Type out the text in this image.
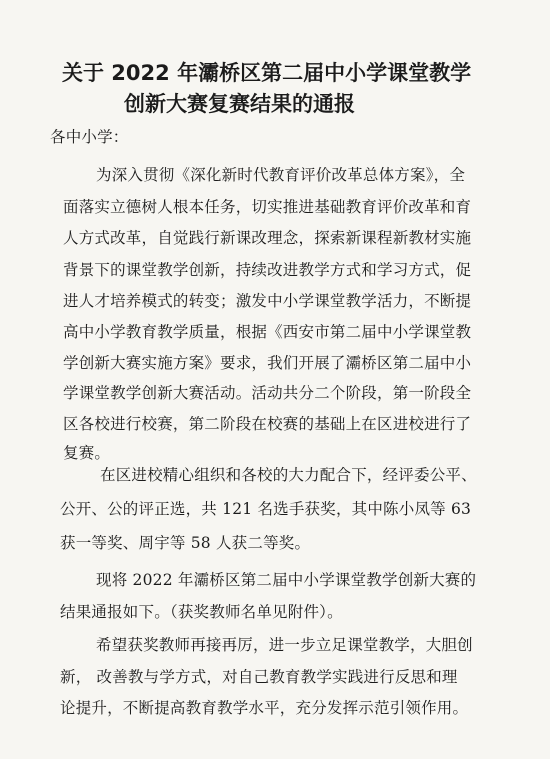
关于 2022 年灞桥区第二届中小学课堂教学
创新大赛复赛结果的通报
各中小学：
为深入贯彻《深化新时代教育评价改革总体方案》，全
面落实立德树人根本任务，切实推进基础教育评价改革和育
人方式改革，自觉践行新课改理念，探索新课程新教材实施
背景下的课堂教学创新，持续改进教学方式和学习方式，促
进人才培养模式的转变；激发中小学课堂教学活力，不断提
高中小学教育教学质量，根据《西安市第二届中小学课堂教
学创新大赛实施方案》要求，我们开展了灞桥区第二届中小
学课堂教学创新大赛活动。活动共分二个阶段，第一阶段全
区各校进行校赛，第二阶段在校赛的基础上在区进校进行了
复赛。
在区进校精心组织和各校的大力配合下，经评委公平、
公开、公的评正选，共 121 名选手获奖，其中陈小凤等 63
获一等奖、周宇等 58 人获二等奖。
现将 2022 年灞桥区第二届中小学课堂教学创新大赛的
结果通报如下。（获奖教师名单见附件）。
希望获奖教师再接再厉，进一步立足课堂教学，大胆创
新， 改善教与学方式，对自己教育教学实践进行反思和理
论提升，不断提高教育教学水平，充分发挥示范引领作用。
